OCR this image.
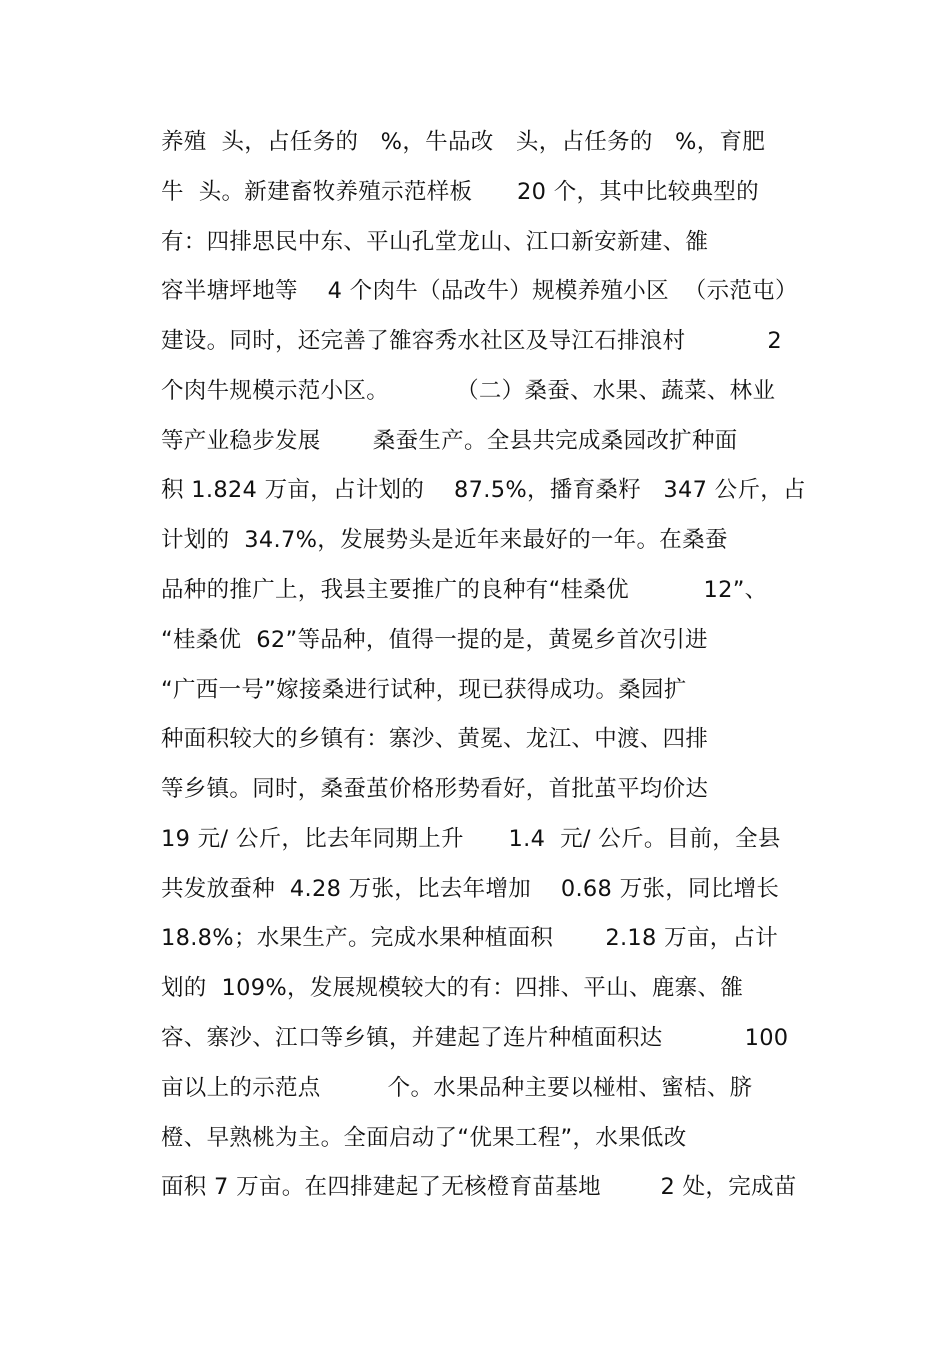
养殖  头，占任务的   %，牛品改   头，占任务的   %，育肥
牛  头。新建畜牧养殖示范样板      20 个，其中比较典型的
有：四排思民中东、平山孔堂龙山、江口新安新建、雒
容半塘坪地等    4 个肉牛（品改牛）规模养殖小区  （示范屯）
建设。同时，还完善了雒容秀水社区及导江石排浪村           2
个肉牛规模示范小区。         （二）桑蚕、水果、蔬菜、林业
等产业稳步发展       桑蚕生产。全县共完成桑园改扩种面
积 1.824 万亩，占计划的    87.5%，播育桑籽   347 公斤，占
计划的  34.7%，发展势头是近年来最好的一年。在桑蚕
品种的推广上，我县主要推广的良种有“桂桑优          12”、
“桂桑优  62”等品种，值得一提的是，黄冕乡首次引进
“广西一号”嫁接桑进行试种，现已获得成功。桑园扩
种面积较大的乡镇有：寨沙、黄冕、龙江、中渡、四排
等乡镇。同时，桑蚕茧价格形势看好，首批茧平均价达
19 元/ 公斤，比去年同期上升      1.4  元/ 公斤。目前，全县
共发放蚕种  4.28 万张，比去年增加    0.68 万张，同比增长
18.8%；水果生产。完成水果种植面积       2.18 万亩，占计
划的  109%，发展规模较大的有：四排、平山、鹿寨、雒
容、寨沙、江口等乡镇，并建起了连片种植面积达           100
亩以上的示范点         个。水果品种主要以椪柑、蜜桔、脐
橙、早熟桃为主。全面启动了“优果工程”，水果低改
面积 7 万亩。在四排建起了无核橙育苗基地        2 处，完成苗
